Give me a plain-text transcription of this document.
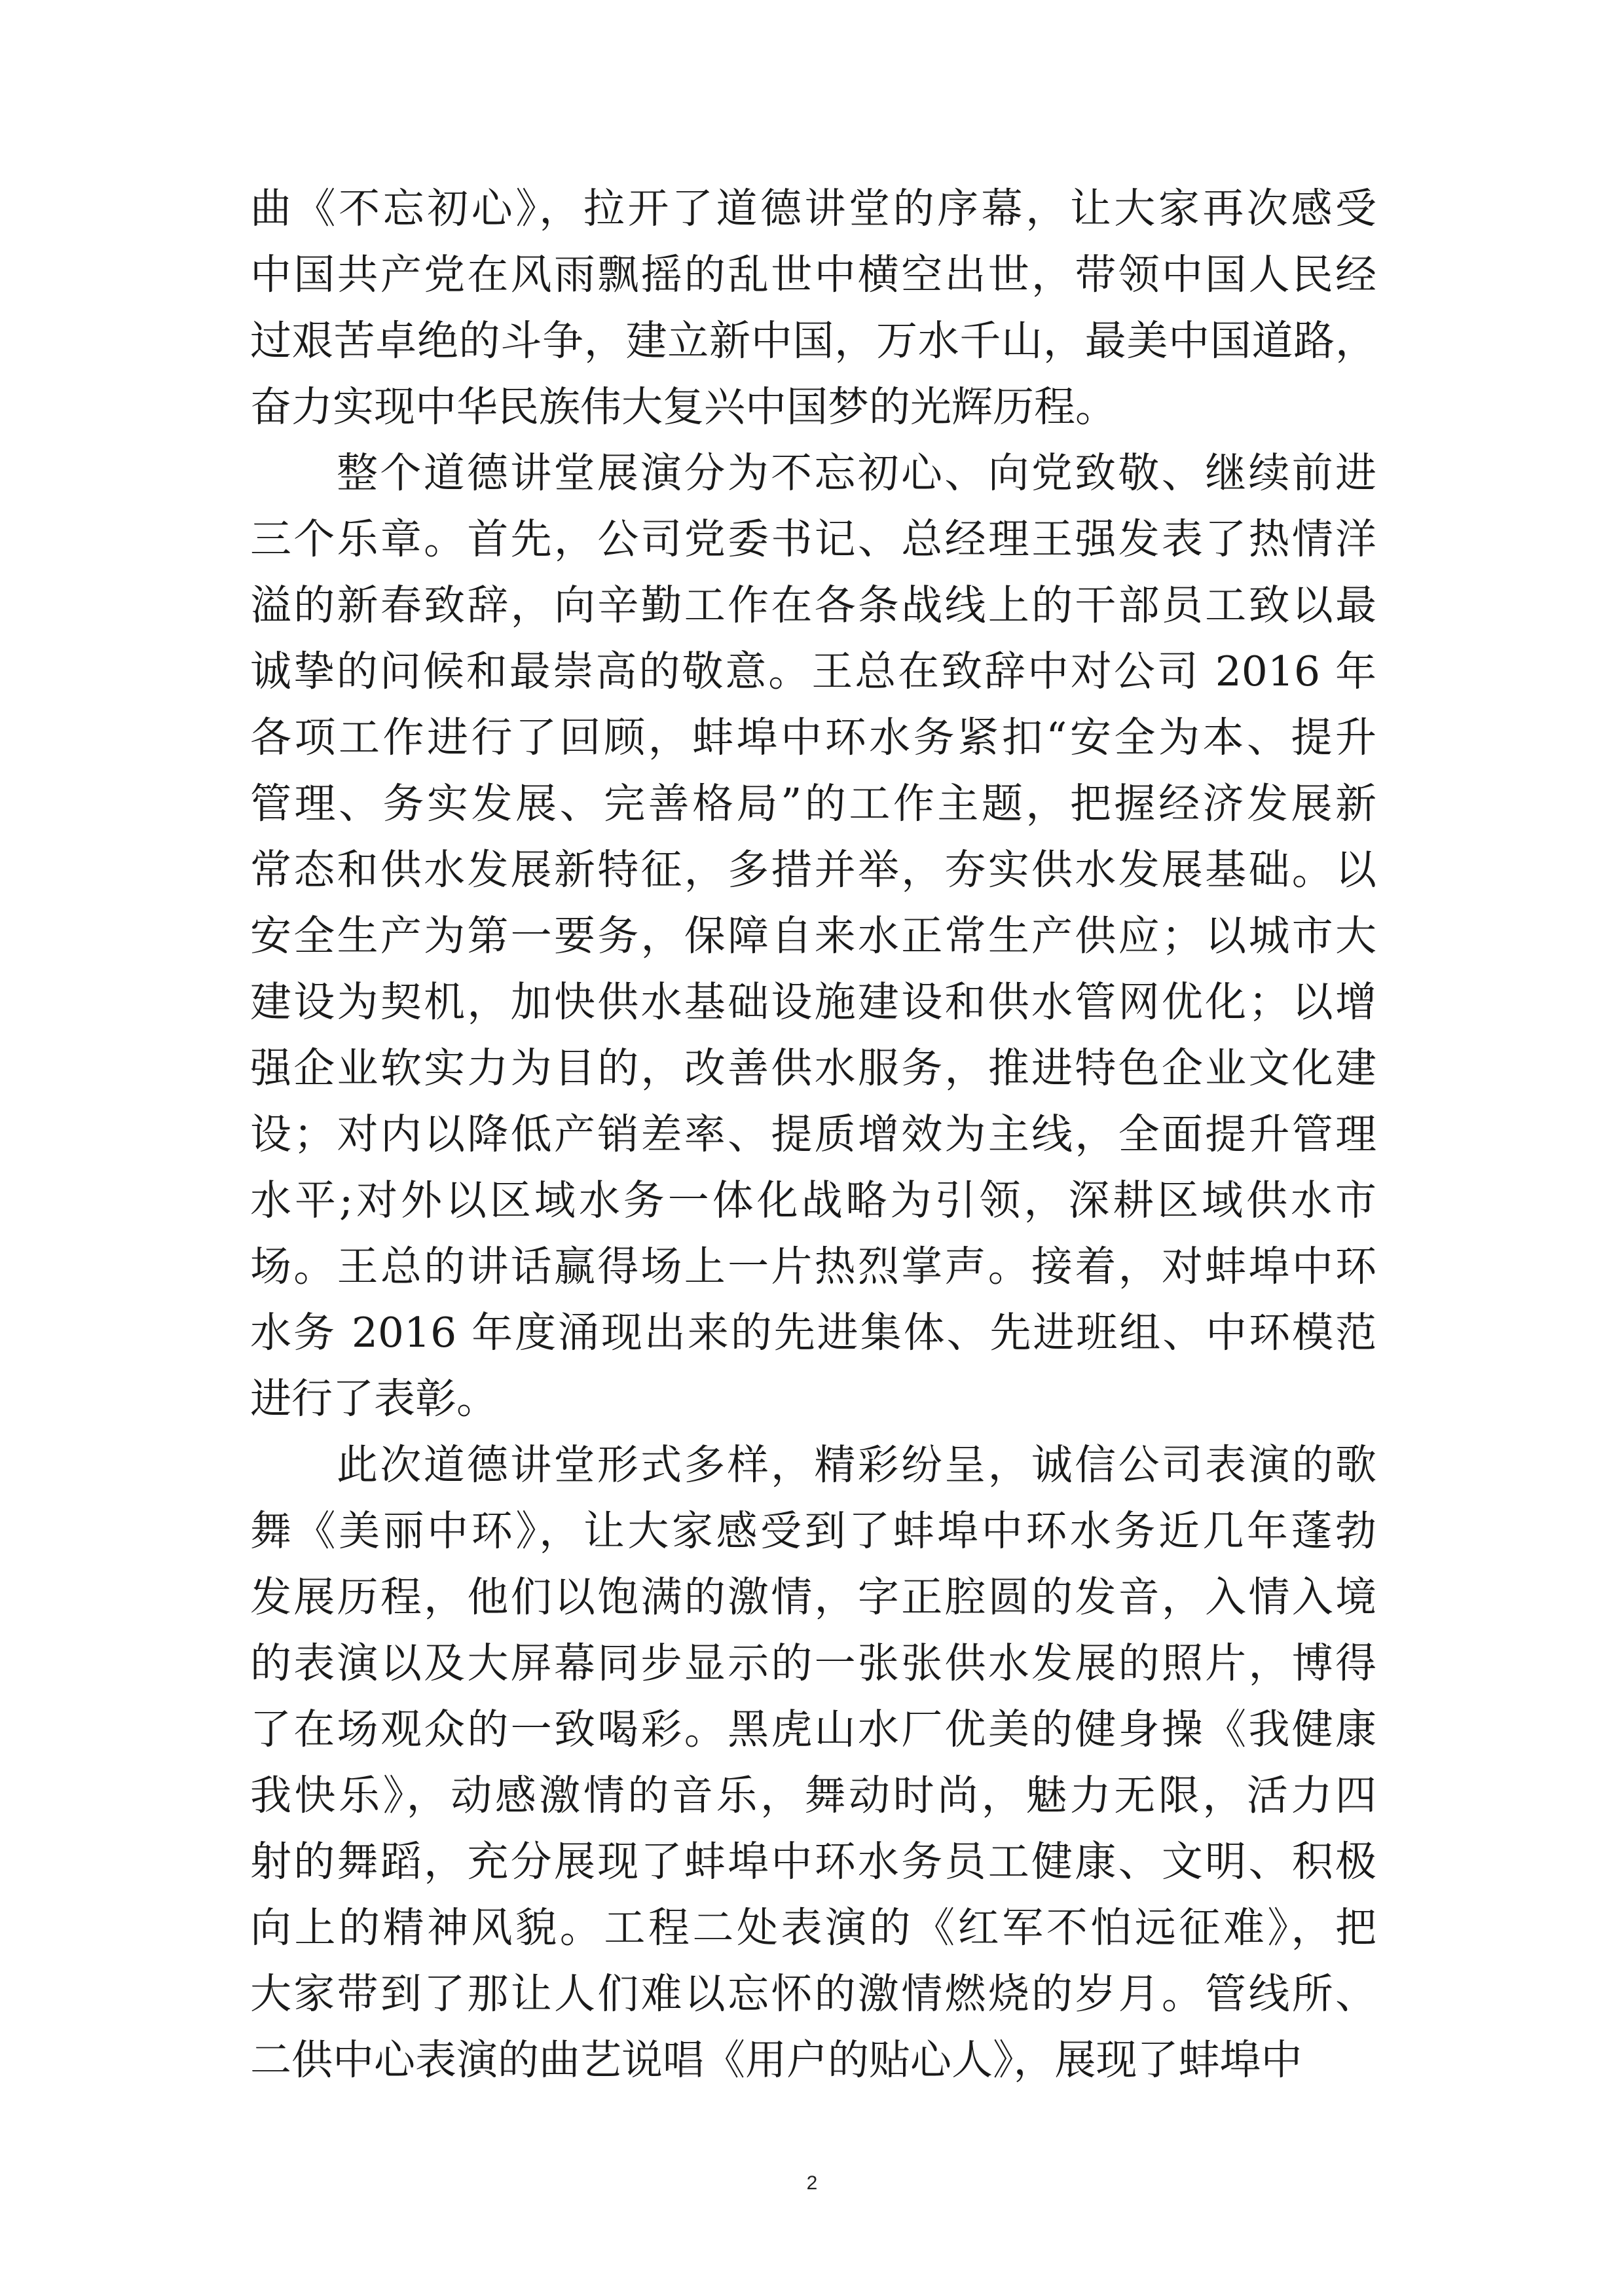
曲《不忘初心》，拉开了道德讲堂的序幕，让大家再次感受
中国共产党在风雨飘摇的乱世中横空出世，带领中国人民经
过艰苦卓绝的斗争，建立新中国，万水千山，最美中国道路，
奋力实现中华民族伟大复兴中国梦的光辉历程。
整个道德讲堂展演分为不忘初心、向党致敬、继续前进
三个乐章。首先，公司党委书记、总经理王强发表了热情洋
溢的新春致辞，向辛勤工作在各条战线上的干部员工致以最
诚挚的问候和最崇高的敬意。王总在致辞中对公司 2016 年
各项工作进行了回顾，蚌埠中环水务紧扣“安全为本、提升
管理、务实发展、完善格局”的工作主题，把握经济发展新
常态和供水发展新特征，多措并举，夯实供水发展基础。以
安全生产为第一要务，保障自来水正常生产供应；以城市大
建设为契机，加快供水基础设施建设和供水管网优化；以增
强企业软实力为目的，改善供水服务，推进特色企业文化建
设；对内以降低产销差率、提质增效为主线，全面提升管理
水平;对外以区域水务一体化战略为引领，深耕区域供水市
场。王总的讲话赢得场上一片热烈掌声。接着，对蚌埠中环
水务 2016 年度涌现出来的先进集体、先进班组、中环模范
进行了表彰。
此次道德讲堂形式多样，精彩纷呈，诚信公司表演的歌
舞《美丽中环》，让大家感受到了蚌埠中环水务近几年蓬勃
发展历程，他们以饱满的激情，字正腔圆的发音，入情入境
的表演以及大屏幕同步显示的一张张供水发展的照片，博得
了在场观众的一致喝彩。黑虎山水厂优美的健身操《我健康
我快乐》，动感激情的音乐，舞动时尚，魅力无限，活力四
射的舞蹈，充分展现了蚌埠中环水务员工健康、文明、积极
向上的精神风貌。工程二处表演的《红军不怕远征难》，把
大家带到了那让人们难以忘怀的激情燃烧的岁月。管线所、
二供中心表演的曲艺说唱《用户的贴心人》，展现了蚌埠中
2
